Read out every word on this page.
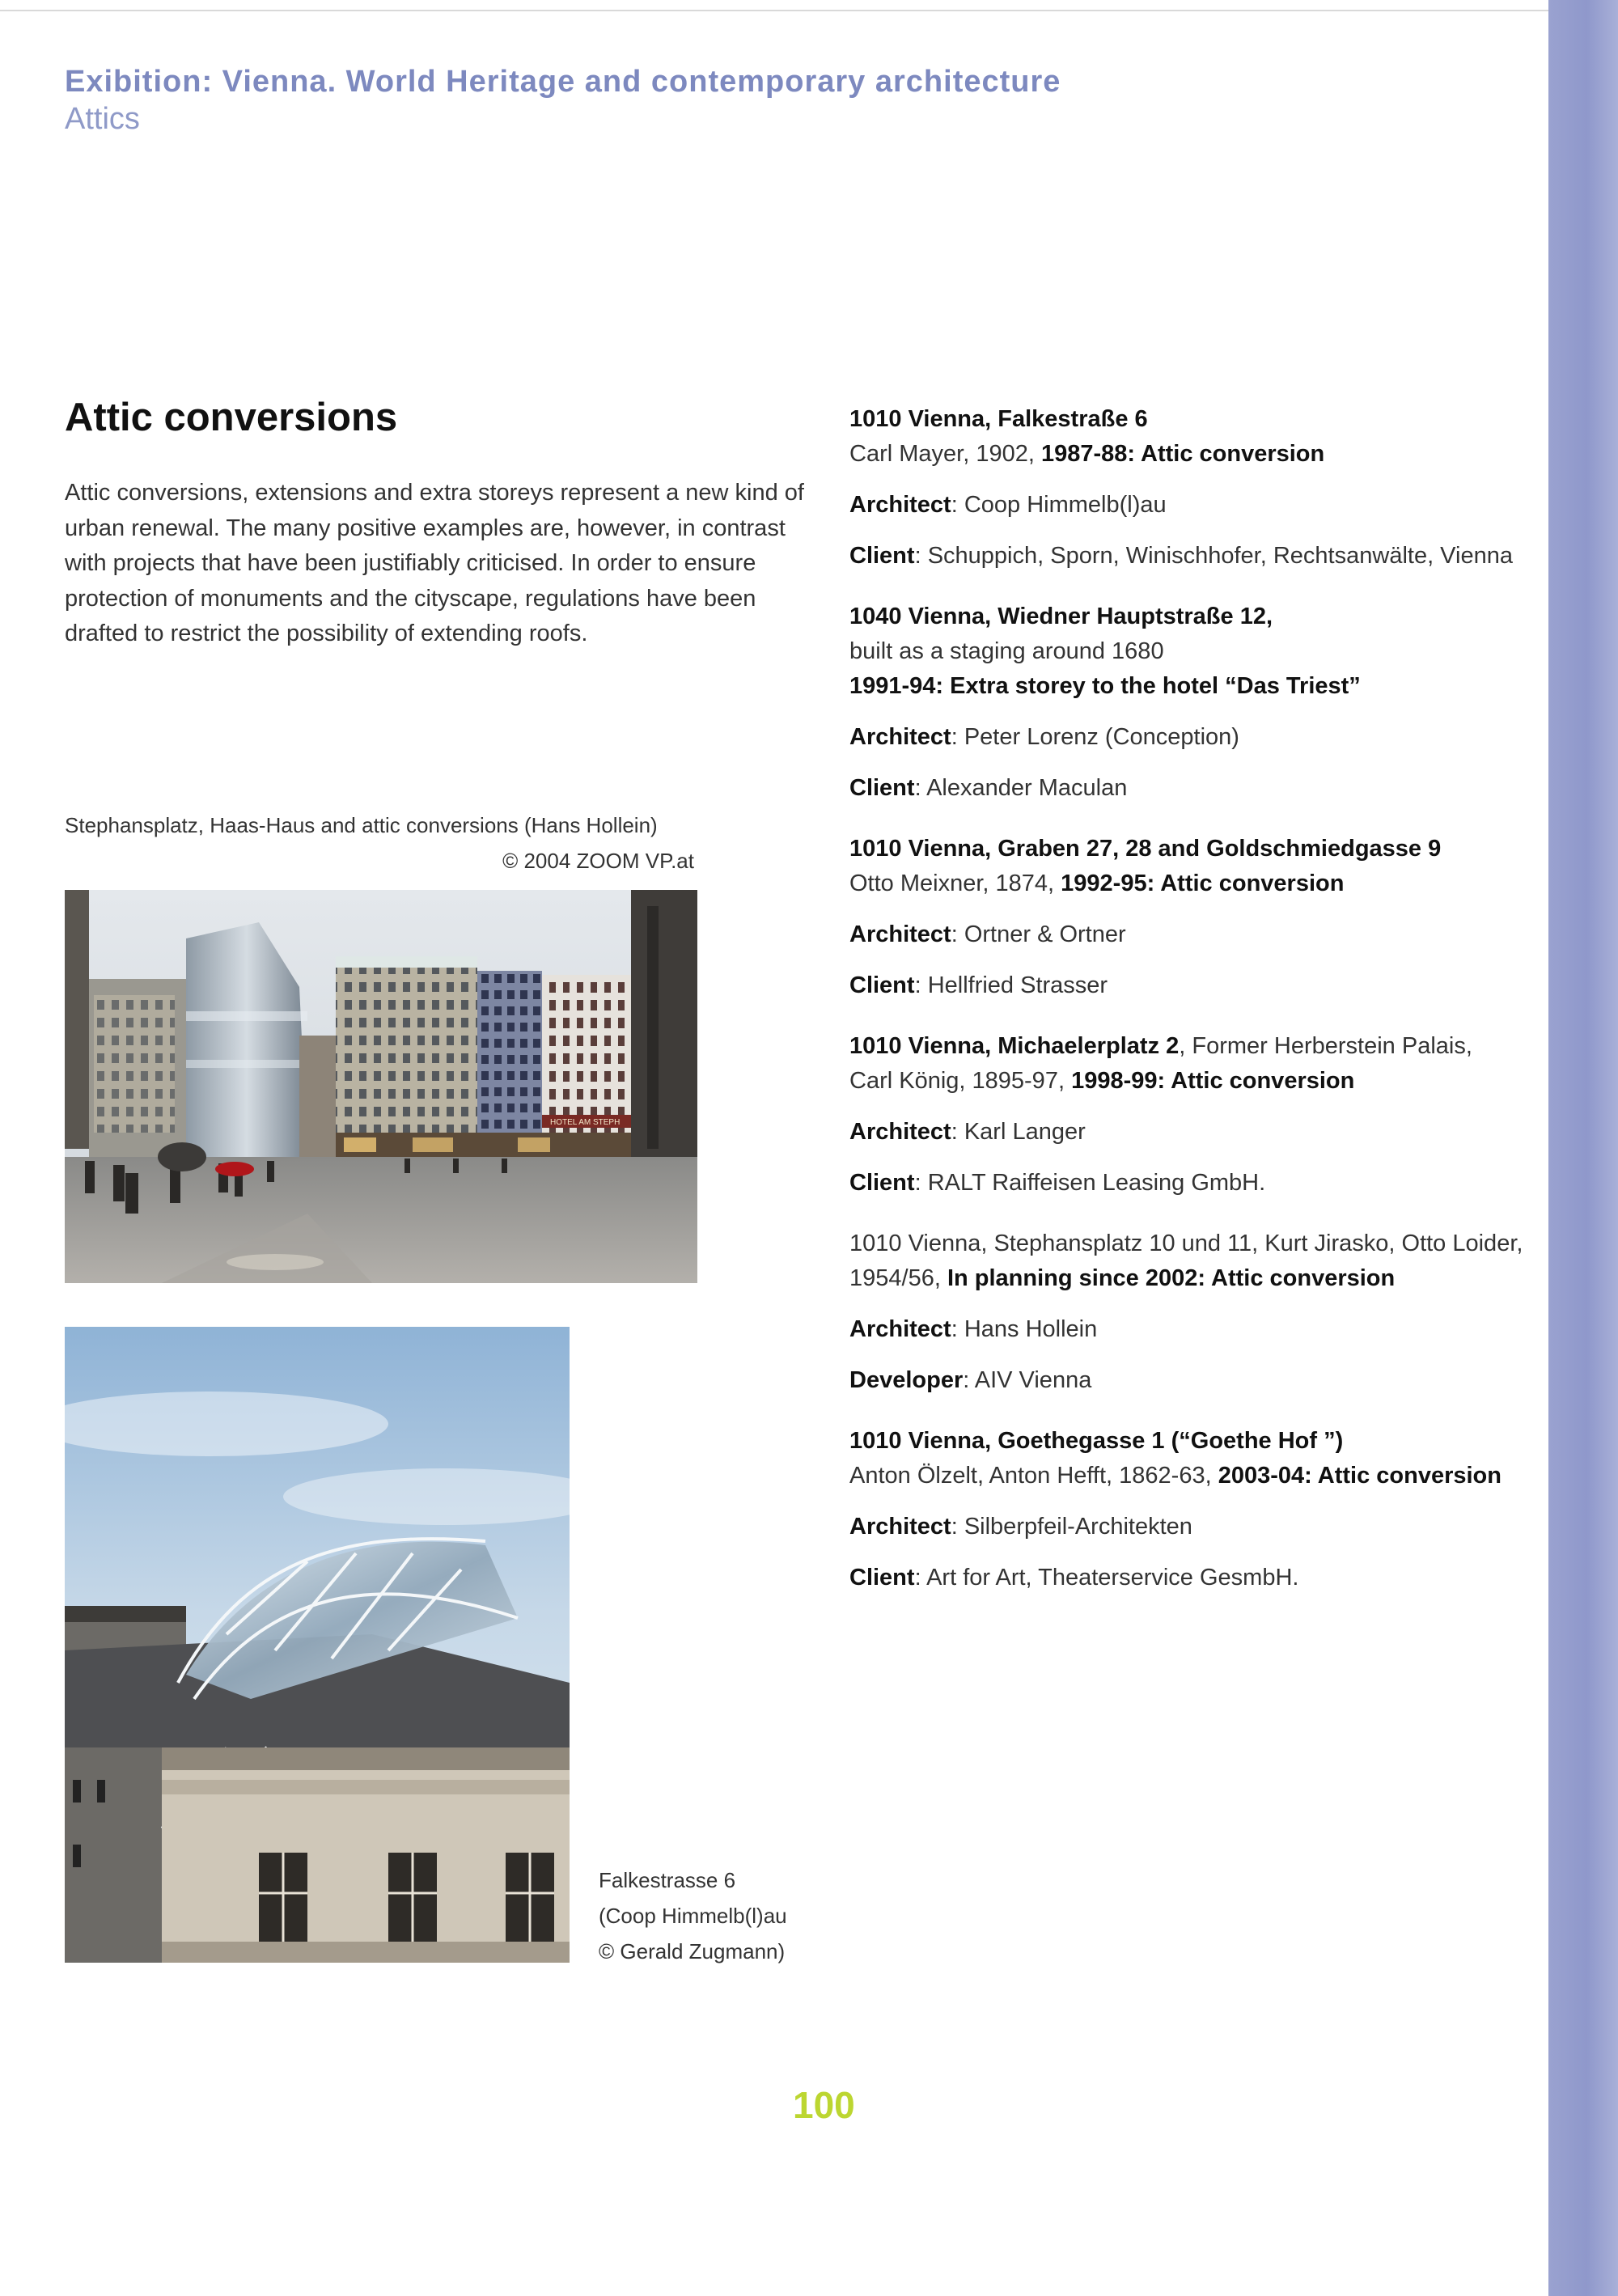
Exibition: Vienna. World Heritage and contemporary architecture
Attics
Attic conversions

Attic conversions, extensions and extra storeys represent a new kind of urban renewal. The many positive examples are, however, in contrast with projects that have been justifiably criticised. In order to ensure protection of monuments and the cityscape, regulations have been drafted to restrict the possibility of extending roofs.

Stephansplatz, Haas-Haus and attic conversions (Hans Hollein)
© 2004 ZOOM VP.at
HOTEL AM STEPH
Falkestrasse 6
(Coop Himmelb(l)au
© Gerald Zugmann)

1010 Vienna, Falkestraße 6

Carl Mayer, 1902, 1987-88: Attic conversion

Architect: Coop Himmelb(l)au

Client: Schuppich, Sporn, Winischhofer, Rechtsanwälte, Vienna

1040 Vienna, Wiedner Hauptstraße 12,

built as a staging around 1680

1991-94: Extra storey to the hotel “Das Triest”

Architect: Peter Lorenz (Conception)

Client: Alexander Maculan

1010 Vienna, Graben 27, 28 and Goldschmiedgasse 9

Otto Meixner, 1874, 1992-95: Attic conversion

Architect: Ortner & Ortner

Client: Hellfried Strasser

1010 Vienna, Michaelerplatz 2, Former Herberstein Palais,

Carl König, 1895-97, 1998-99: Attic conversion

Architect: Karl Langer

Client: RALT Raiffeisen Leasing GmbH.

1010 Vienna, Stephansplatz 10 und 11, Kurt Jirasko, Otto Loider,

1954/56, In planning since 2002: Attic conversion

Architect: Hans Hollein

Developer: AIV Vienna

1010 Vienna, Goethegasse 1 (“Goethe Hof ”)

Anton Ölzelt, Anton Hefft, 1862-63, 2003-04: Attic conversion

Architect: Silberpfeil-Architekten

Client: Art for Art, Theaterservice GesmbH.

100
